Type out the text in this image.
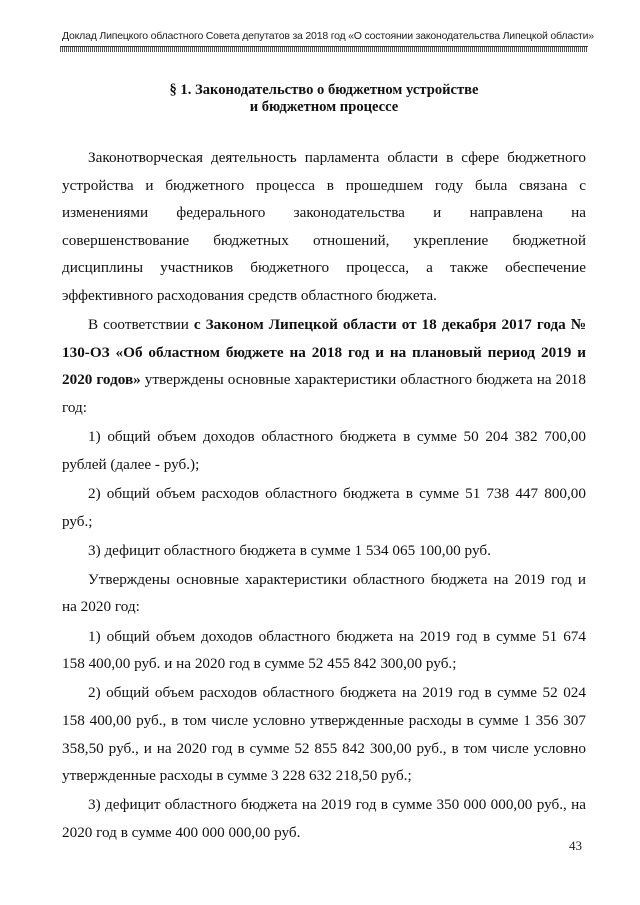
Доклад Липецкого областного Совета депутатов за 2018 год «О состоянии законодательства Липецкой области»
§ 1. Законодательство о бюджетном устройстве
и бюджетном процессе

Законотворческая деятельность парламента области в сфере бюджетного устройства и бюджетного процесса в прошедшем году была связана с изменениями федерального законодательства и направлена на совершенствование бюджетных отношений, укрепление бюджетной дисциплины участников бюджетного процесса, а также обеспечение эффективного расходования средств областного бюджета.

В соответствии с Законом Липецкой области от 18 декабря 2017 года № 130-ОЗ «Об областном бюджете на 2018 год и на плановый период 2019 и 2020 годов» утверждены основные характеристики областного бюджета на 2018 год:

1) общий объем доходов областного бюджета в сумме 50 204 382 700,00 рублей (далее - руб.);

2) общий объем расходов областного бюджета в сумме 51 738 447 800,00 руб.;

3) дефицит областного бюджета в сумме 1 534 065 100,00 руб.

Утверждены основные характеристики областного бюджета на 2019 год и на 2020 год:

1) общий объем доходов областного бюджета на 2019 год в сумме 51 674 158 400,00 руб. и на 2020 год в сумме 52 455 842 300,00 руб.;

2) общий объем расходов областного бюджета на 2019 год в сумме 52 024 158 400,00 руб., в том числе условно утвержденные расходы в сумме 1 356 307 358,50 руб., и на 2020 год в сумме 52 855 842 300,00 руб., в том числе условно утвержденные расходы в сумме 3 228 632 218,50 руб.;

3) дефицит областного бюджета на 2019 год в сумме 350 000 000,00 руб., на 2020 год в сумме 400 000 000,00 руб.

43
